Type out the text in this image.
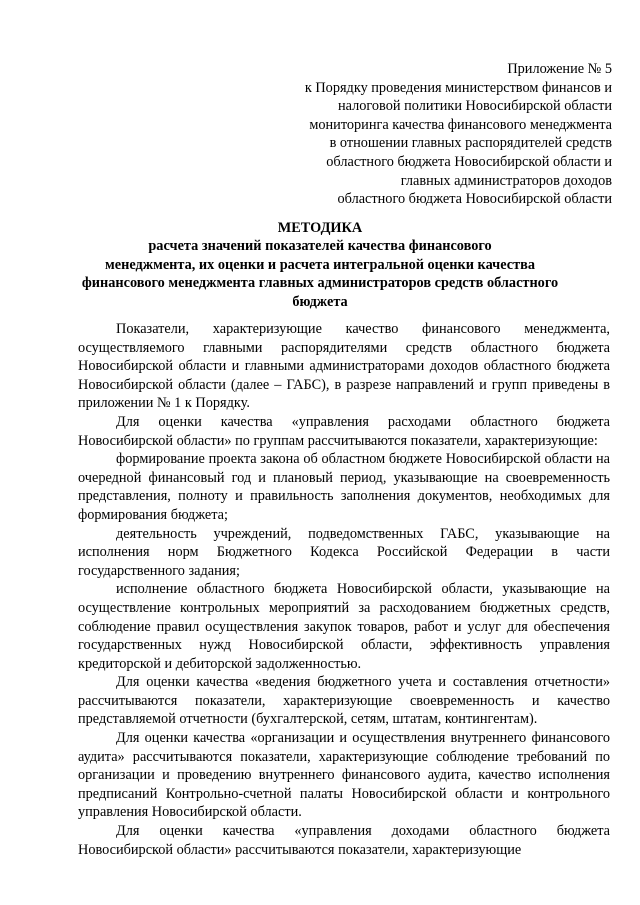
Приложение № 5
к Порядку проведения министерством финансов и
налоговой политики Новосибирской области
мониторинга качества финансового менеджмента
в отношении главных распорядителей средств
областного бюджета Новосибирской области и
главных администраторов доходов
областного бюджета Новосибирской области
МЕТОДИКА
расчета значений показателей качества финансового
менеджмента, их оценки и расчета интегральной оценки качества
финансового менеджмента главных администраторов средств областного
бюджета

Показатели, характеризующие качество финансового менеджмента, осуществляемого главными распорядителями средств областного бюджета Новосибирской области и главными администраторами доходов областного бюджета Новосибирской области (далее – ГАБС), в разрезе направлений и групп приведены в приложении № 1 к Порядку.

Для оценки качества «управления расходами областного бюджета Новосибирской области» по группам рассчитываются показатели, характеризующие:

формирование проекта закона об областном бюджете Новосибирской области на очередной финансовый год и плановый период, указывающие на своевременность представления, полноту и правильность заполнения документов, необходимых для формирования бюджета;

деятельность учреждений, подведомственных ГАБС, указывающие на исполнения норм Бюджетного Кодекса Российской Федерации в части государственного задания;

исполнение областного бюджета Новосибирской области, указывающие на осуществление контрольных мероприятий за расходованием бюджетных средств, соблюдение правил осуществления закупок товаров, работ и услуг для обеспечения государственных нужд Новосибирской области, эффективность управления кредиторской и дебиторской задолженностью.

Для оценки качества «ведения бюджетного учета и составления отчетности» рассчитываются показатели, характеризующие своевременность и качество представляемой отчетности (бухгалтерской, сетям, штатам, контингентам).

Для оценки качества «организации и осуществления внутреннего финансового аудита» рассчитываются показатели, характеризующие соблюдение требований по организации и проведению внутреннего финансового аудита, качество исполнения предписаний Контрольно-счетной палаты Новосибирской области и контрольного управления Новосибирской области.

Для оценки качества «управления доходами областного бюджета Новосибирской области» рассчитываются показатели, характеризующие
